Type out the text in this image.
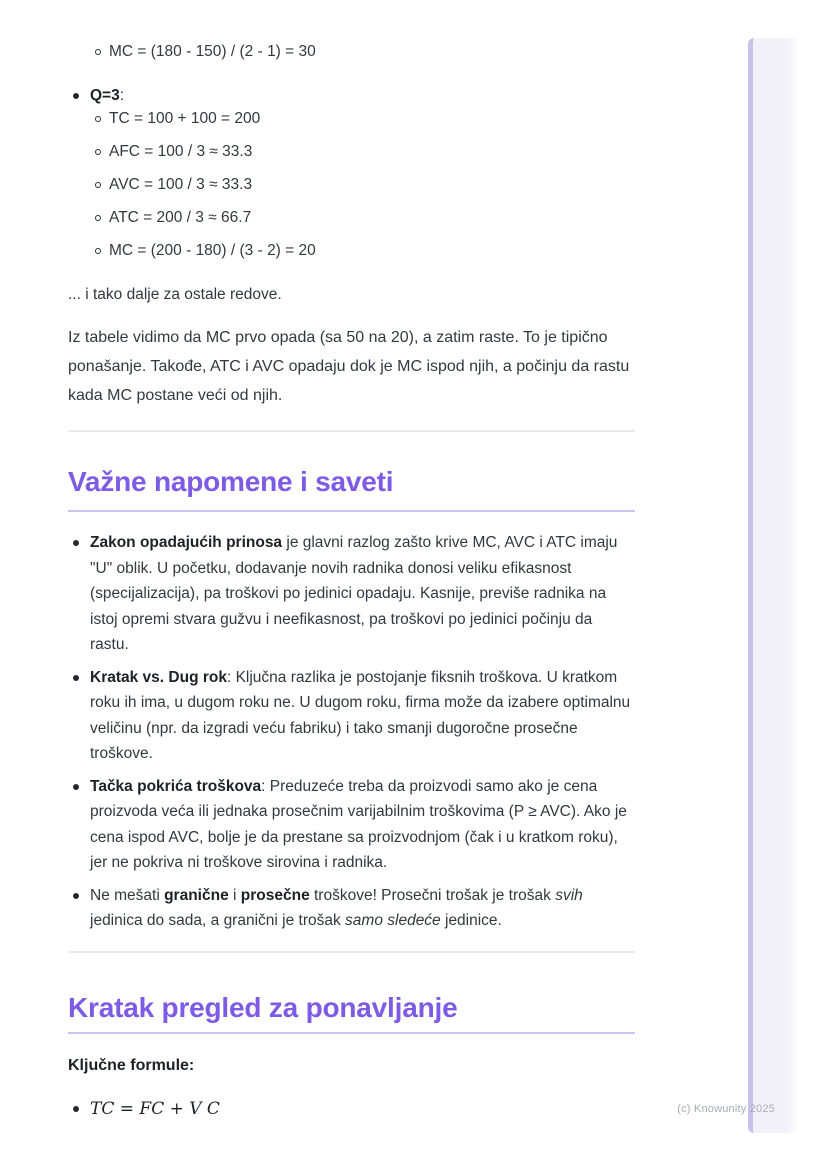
MC = (180 - 150) / (2 - 1) = 30
Q=3:
TC = 100 + 100 = 200
AFC = 100 / 3 ≈ 33.3
AVC = 100 / 3 ≈ 33.3
ATC = 200 / 3 ≈ 66.7
MC = (200 - 180) / (3 - 2) = 20

... i tako dalje za ostale redove.

Iz tabele vidimo da MC prvo opada (sa 50 na 20), a zatim raste. To je tipično ponašanje. Takođe, ATC i AVC opadaju dok je MC ispod njih, a počinju da rastu kada MC postane veći od njih.

Važne napomene i saveti
Zakon opadajućih prinosa je glavni razlog zašto krive MC, AVC i ATC imaju "U" oblik. U početku, dodavanje novih radnika donosi veliku efikasnost (specijalizacija), pa troškovi po jedinici opadaju. Kasnije, previše radnika na istoj opremi stvara gužvu i neefikasnost, pa troškovi po jedinici počinju da rastu.
Kratak vs. Dug rok: Ključna razlika je postojanje fiksnih troškova. U kratkom roku ih ima, u dugom roku ne. U dugom roku, firma može da izabere optimalnu veličinu (npr. da izgradi veću fabriku) i tako smanji dugoročne prosečne troškove.
Tačka pokrića troškova: Preduzeće treba da proizvodi samo ako je cena proizvoda veća ili jednaka prosečnim varijabilnim troškovima (P ≥ AVC). Ako je cena ispod AVC, bolje je da prestane sa proizvodnjom (čak i u kratkom roku), jer ne pokriva ni troškove sirovina i radnika.
Ne mešati granične i prosečne troškove! Prosečni trošak je trošak svih jedinica do sada, a granični je trošak samo sledeće jedinice.
Kratak pregled za ponavljanje

Ključne formule:

TC = FC + V C	(c) Knowunity 2025
